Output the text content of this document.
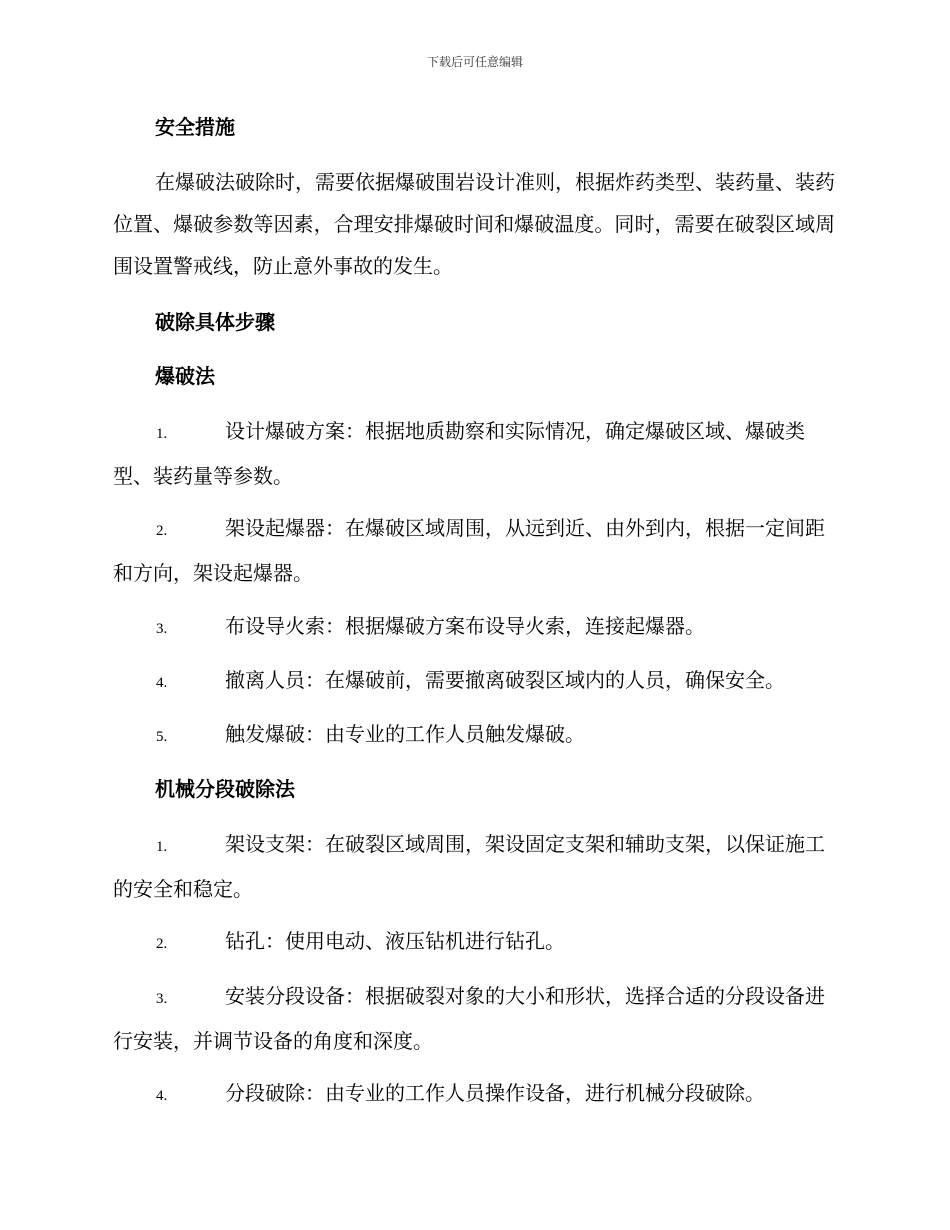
下载后可任意编辑
安全措施
在爆破法破除时，需要依据爆破围岩设计准则，根据炸药类型、装药量、装药位置、爆破参数等因素，合理安排爆破时间和爆破温度。同时，需要在破裂区域周围设置警戒线，防止意外事故的发生。
破除具体步骤
爆破法
1.	设计爆破方案：根据地质勘察和实际情况，确定爆破区域、爆破类型、装药量等参数。
2.	架设起爆器：在爆破区域周围，从远到近、由外到内，根据一定间距和方向，架设起爆器。
3.	布设导火索：根据爆破方案布设导火索，连接起爆器。
4.	撤离人员：在爆破前，需要撤离破裂区域内的人员，确保安全。
5.	触发爆破：由专业的工作人员触发爆破。
机械分段破除法
1.	架设支架：在破裂区域周围，架设固定支架和辅助支架，以保证施工的安全和稳定。
2.	钻孔：使用电动、液压钻机进行钻孔。
3.	安装分段设备：根据破裂对象的大小和形状，选择合适的分段设备进行安装，并调节设备的角度和深度。
4.	分段破除：由专业的工作人员操作设备，进行机械分段破除。
